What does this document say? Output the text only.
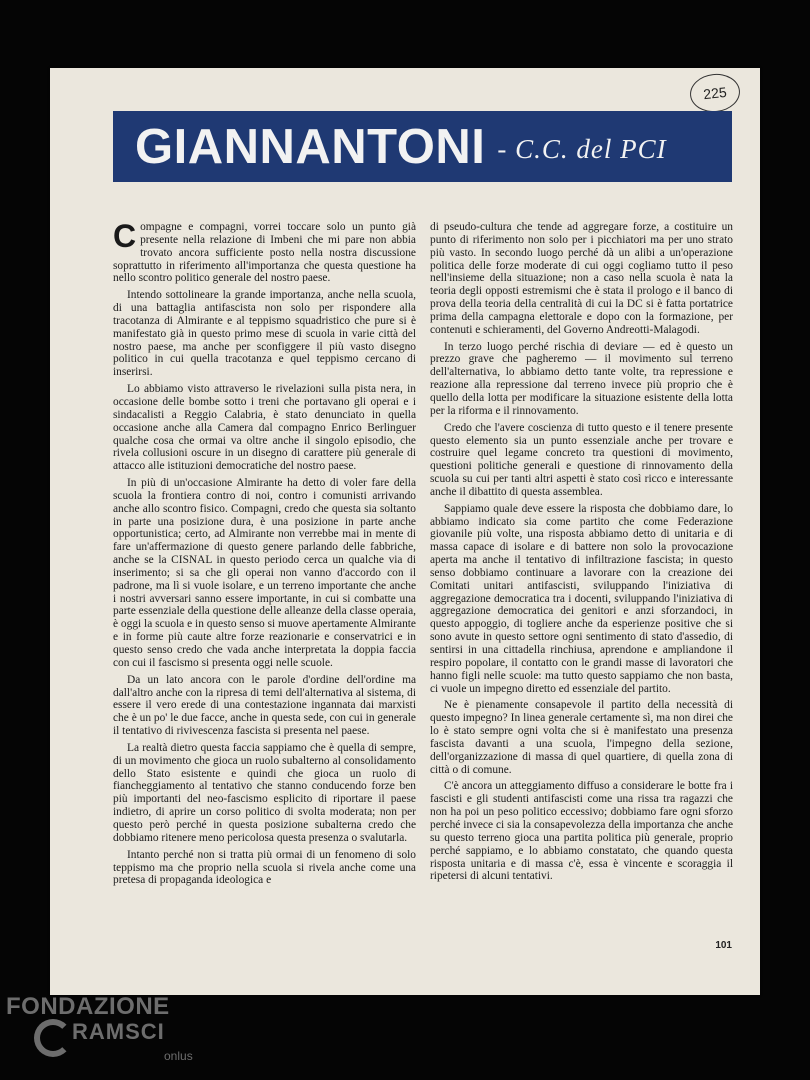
225
GIANNANTONI - C.C. del PCI

Compagne e compagni, vorrei toccare solo un punto già presente nella relazione di Imbeni che mi pare non abbia trovato ancora sufficiente posto nella nostra discussione soprattutto in riferimento all'importanza che questa questione ha nello scontro politico generale del nostro paese.

Intendo sottolineare la grande importanza, anche nella scuola, di una battaglia antifascista non solo per rispondere alla tracotanza di Almirante e al teppismo squadristico che pure si è manifestato già in questo primo mese di scuola in varie città del nostro paese, ma anche per sconfiggere il più vasto disegno politico in cui quella tracotanza e quel teppismo cercano di inserirsi.

Lo abbiamo visto attraverso le rivelazioni sulla pista nera, in occasione delle bombe sotto i treni che portavano gli operai e i sindacalisti a Reggio Calabria, è stato denunciato in quella occasione anche alla Camera dal compagno Enrico Berlinguer qualche cosa che ormai va oltre anche il singolo episodio, che rivela collusioni oscure in un disegno di carattere più generale di attacco alle istituzioni democratiche del nostro paese.

In più di un'occasione Almirante ha detto di voler fare della scuola la frontiera contro di noi, contro i comunisti arrivando anche allo scontro fisico. Compagni, credo che questa sia soltanto in parte una posizione dura, è una posizione in parte anche opportunistica; certo, ad Almirante non verrebbe mai in mente di fare un'affermazione di questo genere parlando delle fabbriche, anche se la CISNAL in questo periodo cerca un qualche via di inserimento; si sa che gli operai non vanno d'accordo con il padrone, ma lì si vuole isolare, e un terreno importante che anche i nostri avversari sanno essere importante, in cui si combatte una parte essenziale della questione delle alleanze della classe operaia, è oggi la scuola e in questo senso si muove apertamente Almirante e in forme più caute altre forze reazionarie e conservatrici e in questo senso credo che vada anche interpretata la doppia faccia con cui il fascismo si presenta oggi nelle scuole.

Da un lato ancora con le parole d'ordine dell'ordine ma dall'altro anche con la ripresa di temi dell'alternativa al sistema, di essere il vero erede di una contestazione ingannata dai marxisti che è un po' le due facce, anche in questa sede, con cui in generale il tentativo di rivivescenza fascista si presenta nel paese.

La realtà dietro questa faccia sappiamo che è quella di sempre, di un movimento che gioca un ruolo subalterno al consolidamento dello Stato esistente e quindi che gioca un ruolo di fiancheggiamento al tentativo che stanno conducendo forze ben più importanti del neo-fascismo esplicito di riportare il paese indietro, di aprire un corso politico di svolta moderata; non per questo però perché in questa posizione subalterna credo che dobbiamo ritenere meno pericolosa questa presenza o svalutarla.

Intanto perché non si tratta più ormai di un fenomeno di solo teppismo ma che proprio nella scuola si rivela anche come una pretesa di propaganda ideologica e

di pseudo-cultura che tende ad aggregare forze, a costituire un punto di riferimento non solo per i picchiatori ma per uno strato più vasto. In secondo luogo perché dà un alibi a un'operazione politica delle forze moderate di cui oggi cogliamo tutto il peso nell'insieme della situazione; non a caso nella scuola è nata la teoria degli opposti estremismi che è stata il prologo e il banco di prova della teoria della centralità di cui la DC si è fatta portatrice prima della campagna elettorale e dopo con la formazione, per contenuti e schieramenti, del Governo Andreotti-Malagodi.

In terzo luogo perché rischia di deviare — ed è questo un prezzo grave che pagheremo — il movimento sul terreno dell'alternativa, lo abbiamo detto tante volte, tra repressione e reazione alla repressione dal terreno invece più proprio che è quello della lotta per modificare la situazione esistente della lotta per la riforma e il rinnovamento.

Credo che l'avere coscienza di tutto questo e il tenere presente questo elemento sia un punto essenziale anche per trovare e costruire quel legame concreto tra questioni di movimento, questioni politiche generali e questione di rinnovamento della scuola su cui per tanti altri aspetti è stato così ricco e interessante anche il dibattito di questa assemblea.

Sappiamo quale deve essere la risposta che dobbiamo dare, lo abbiamo indicato sia come partito che come Federazione giovanile più volte, una risposta abbiamo detto di unitaria e di massa capace di isolare e di battere non solo la provocazione aperta ma anche il tentativo di infiltrazione fascista; in questo senso dobbiamo continuare a lavorare con la creazione dei Comitati unitari antifascisti, sviluppando l'iniziativa di aggregazione democratica tra i docenti, sviluppando l'iniziativa di aggregazione democratica dei genitori e anzi sforzandoci, in questo appoggio, di togliere anche da esperienze positive che si sono avute in questo settore ogni sentimento di stato d'assedio, di sentirsi in una cittadella rinchiusa, aprendone e ampliandone il respiro popolare, il contatto con le grandi masse di lavoratori che hanno figli nelle scuole: ma tutto questo sappiamo che non basta, ci vuole un impegno diretto ed essenziale del partito.

Ne è pienamente consapevole il partito della necessità di questo impegno? In linea generale certamente sì, ma non direi che lo è stato sempre ogni volta che si è manifestato una presenza fascista davanti a una scuola, l'impegno della sezione, dell'organizzazione di massa di quel quartiere, di quella zona di città o di comune.

C'è ancora un atteggiamento diffuso a considerare le botte fra i fascisti e gli studenti antifascisti come una rissa tra ragazzi che non ha poi un peso politico eccessivo; dobbiamo fare ogni sforzo perché invece ci sia la consapevolezza della importanza che anche su questo terreno gioca una partita politica più generale, proprio perché sappiamo, e lo abbiamo constatato, che quando questa risposta unitaria e di massa c'è, essa è vincente e scoraggia il ripetersi di alcuni tentativi.

101
FONDAZIONE
RAMSCI
onlus
